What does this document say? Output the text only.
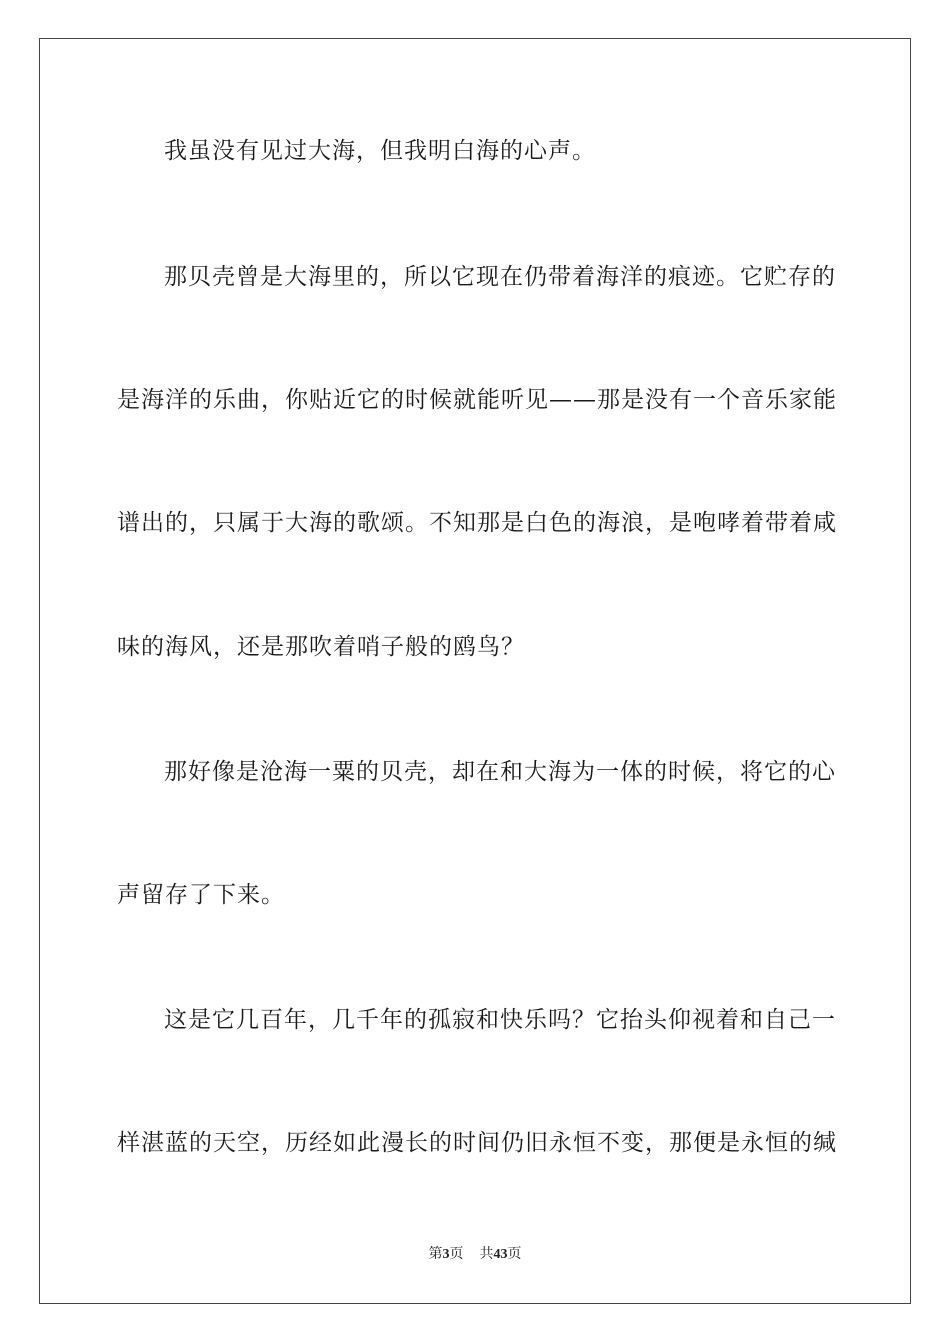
我虽没有见过大海，但我明白海的心声。
那贝壳曾是大海里的，所以它现在仍带着海洋的痕迹。它贮存的
是海洋的乐曲，你贴近它的时候就能听见——那是没有一个音乐家能
谱出的，只属于大海的歌颂。不知那是白色的海浪，是咆哮着带着咸
味的海风，还是那吹着哨子般的鸥鸟？
那好像是沧海一粟的贝壳，却在和大海为一体的时候，将它的心
声留存了下来。
这是它几百年，几千年的孤寂和快乐吗？它抬头仰视着和自己一
样湛蓝的天空，历经如此漫长的时间仍旧永恒不变，那便是永恒的缄
第3页 共43页
